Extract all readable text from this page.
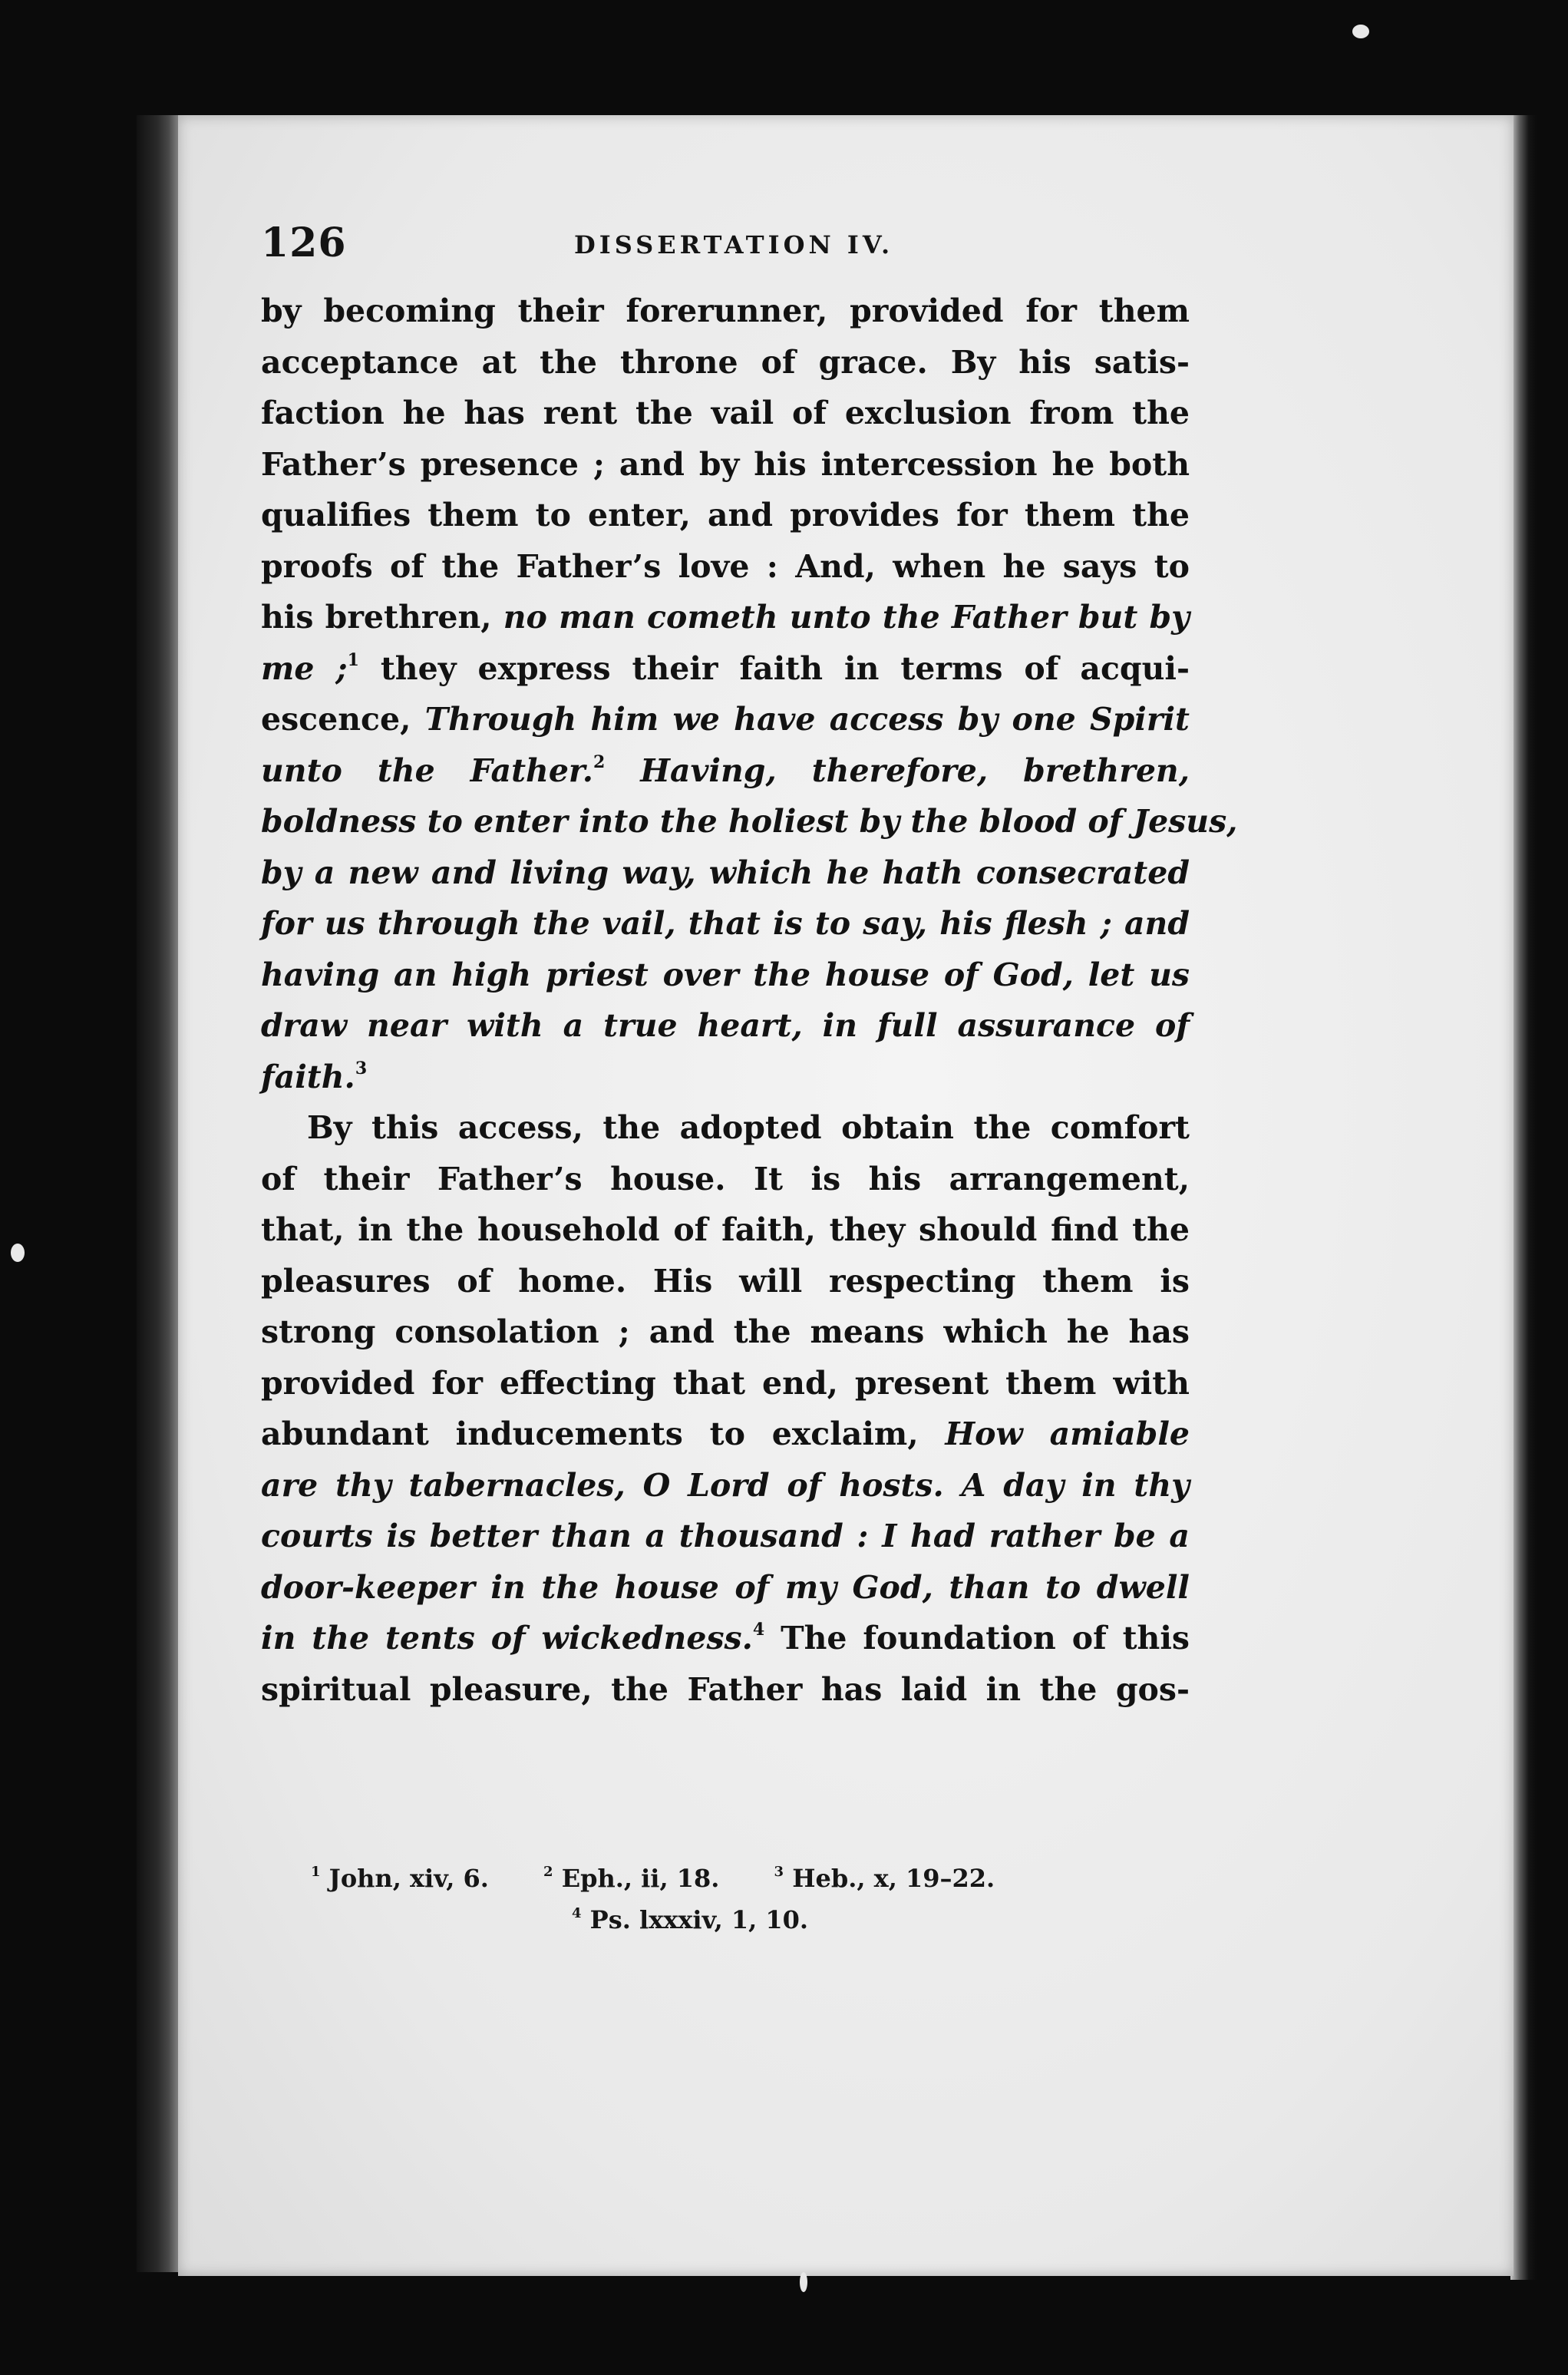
126	DISSERTATION IV.
by becoming their forerunner, provided for them
acceptance at the throne of grace. By his satis-
faction he has rent the vail of exclusion from the
Father’s presence ; and by his intercession he both
qualifies them to enter, and provides for them the
proofs of the Father’s love : And, when he says to
his brethren, no man cometh unto the Father but by
me ;$^1$ they express their faith in terms of acqui-
escence, Through him we have access by one Spirit
unto the Father.$^2$ Having, therefore, brethren,
boldness to enter into the holiest by the blood of Jesus,
by a new and living way, which he hath consecrated
for us through the vail, that is to say, his flesh ; and
having an high priest over the house of God, let us
draw near with a true heart, in full assurance of
faith.$^3$
By this access, the adopted obtain the comfort
of their Father’s house. It is his arrangement,
that, in the household of faith, they should find the
pleasures of home. His will respecting them is
strong consolation ; and the means which he has
provided for effecting that end, present them with
abundant inducements to exclaim, How amiable
are thy tabernacles, O Lord of hosts. A day in thy
courts is better than a thousand : I had rather be a
door-keeper in the house of my God, than to dwell
in the tents of wickedness.$^4$ The foundation of this
spiritual pleasure, the Father has laid in the gos-
$^1$ John, xiv, 6.	$^2$ Eph., ii, 18.	$^3$ Heb., x, 19–22.
$^4$ Ps. lxxxiv, 1, 10.
